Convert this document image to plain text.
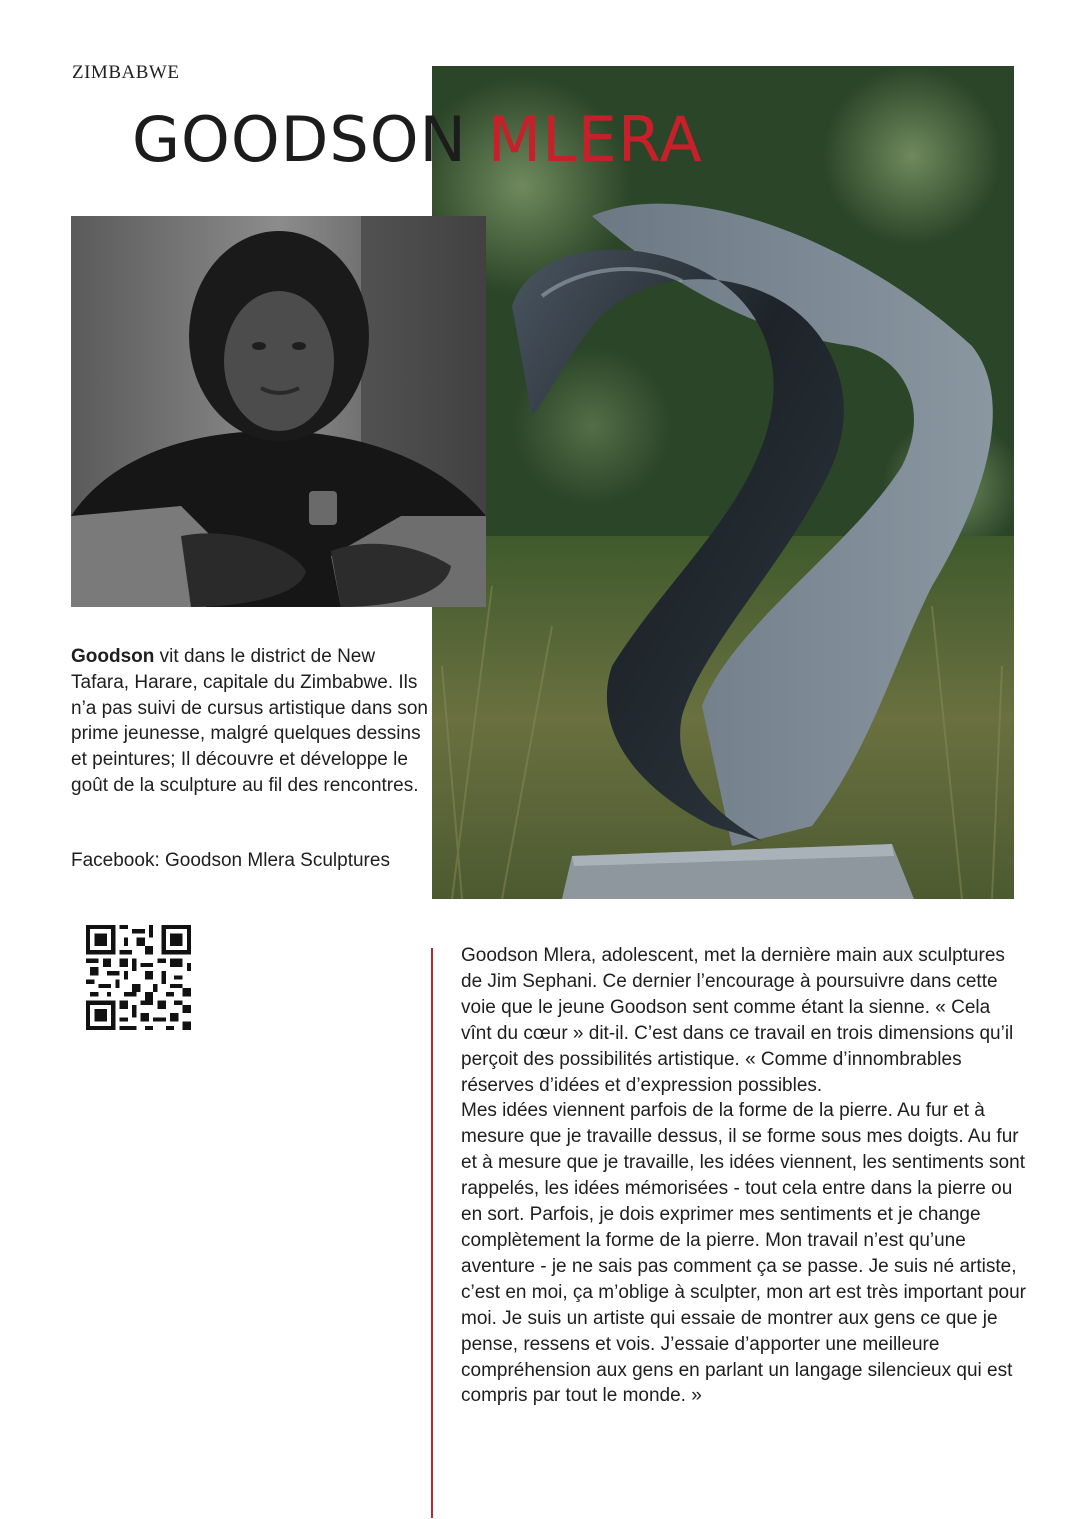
ZIMBABWE
GOODSON MLERA
Goodson vit dans le district de New Tafara, Harare, capitale du Zimbabwe. Ils n’a pas suivi de cursus artistique dans son prime jeunesse, malgré quelques dessins et peintures; Il découvre et développe le goût de la sculpture au fil des rencontres.
Facebook: Goodson Mlera Sculptures

Goodson Mlera, adolescent, met la dernière main aux sculptures de Jim Sephani. Ce dernier l’encourage à poursuivre dans cette voie que le jeune Goodson sent comme étant la sienne. « Cela vînt du cœur » dit-il. C’est dans ce travail en trois dimensions qu’il perçoit des possibilités artistique. « Comme d’innombrables réserves d’idées et d’expression possibles.

Mes idées viennent parfois de la forme de la pierre. Au fur et à mesure que je travaille dessus, il se forme sous mes doigts. Au fur et à mesure que je travaille, les idées viennent, les sentiments sont rappelés, les idées mémorisées - tout cela entre dans la pierre ou en sort. Parfois, je dois exprimer mes sentiments et je change complètement la forme de la pierre. Mon travail n’est qu’une aventure - je ne sais pas comment ça se passe. Je suis né artiste, c’est en moi, ça m’oblige à sculpter, mon art est très important pour moi. Je suis un artiste qui essaie de montrer aux gens ce que je pense, ressens et vois. J’essaie d’apporter une meilleure compréhension aux gens en parlant un langage silencieux qui est compris par tout le monde. »
